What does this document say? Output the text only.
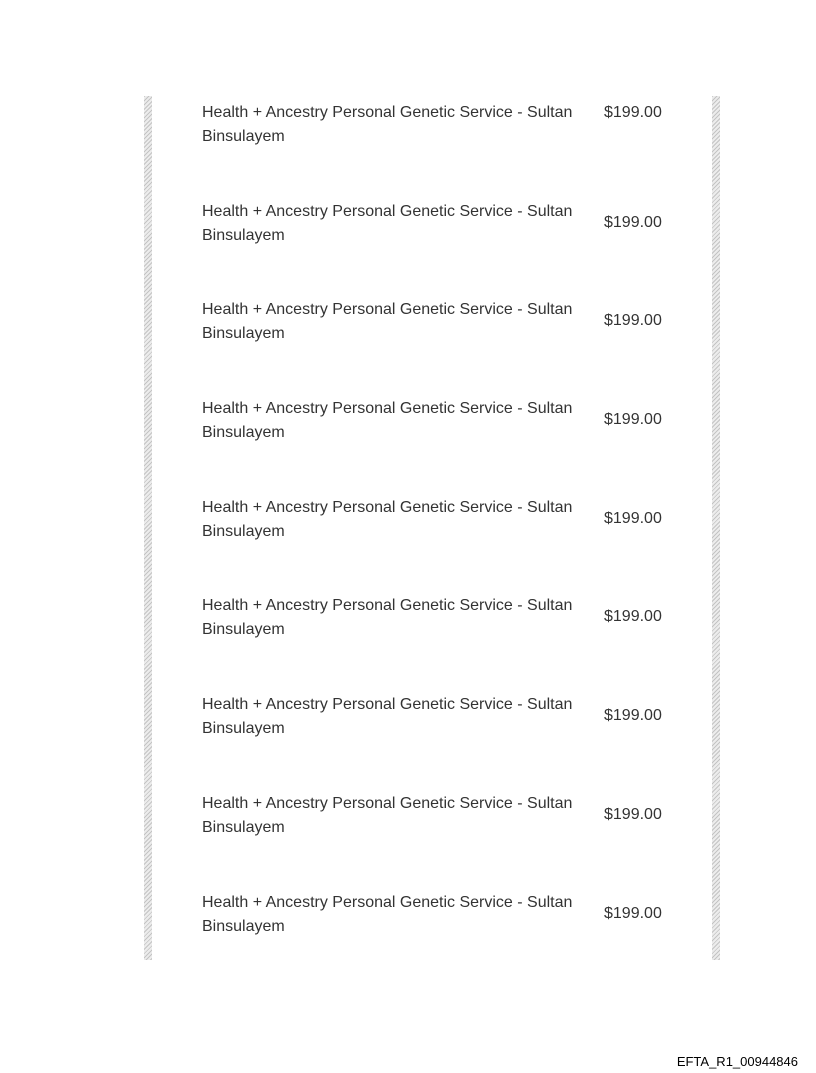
Health + Ancestry Personal Genetic Service - Sultan Binsulayem
$199.00
Health + Ancestry Personal Genetic Service - Sultan Binsulayem
$199.00
Health + Ancestry Personal Genetic Service - Sultan Binsulayem
$199.00
Health + Ancestry Personal Genetic Service - Sultan Binsulayem
$199.00
Health + Ancestry Personal Genetic Service - Sultan Binsulayem
$199.00
Health + Ancestry Personal Genetic Service - Sultan Binsulayem
$199.00
Health + Ancestry Personal Genetic Service - Sultan Binsulayem
$199.00
Health + Ancestry Personal Genetic Service - Sultan Binsulayem
$199.00
Health + Ancestry Personal Genetic Service - Sultan Binsulayem
$199.00
EFTA_R1_00944846
